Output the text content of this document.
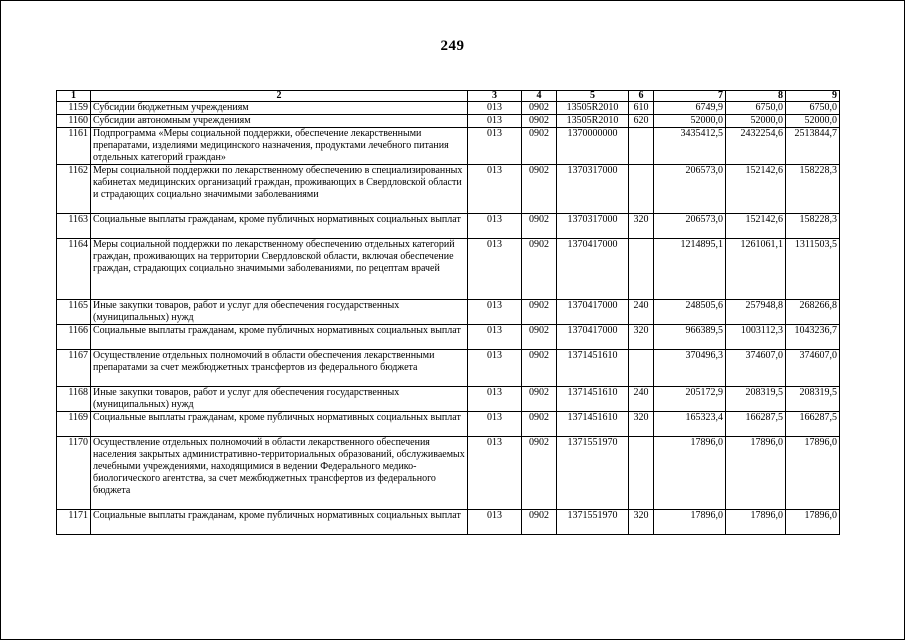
249
1	2	3	4	5	6	7	8	9
1159	Субсидии бюджетным учреждениям	013	0902	13505R2010	610	6749,9	6750,0	6750,0
1160	Субсидии автономным учреждениям	013	0902	13505R2010	620	52000,0	52000,0	52000,0
1161	Подпрограмма «Меры социальной поддержки, обеспечение лекарственными препаратами, изделиями медицинского назначения, продуктами лечебного питания отдельных категорий граждан»	013	0902	1370000000		3435412,5	2432254,6	2513844,7
1162	Меры социальной поддержки по лекарственному обеспечению в специализированных кабинетах медицинских организаций граждан, проживающих в Свердловской области и страдающих социально значимыми заболеваниями	013	0902	1370317000		206573,0	152142,6	158228,3
1163	Социальные выплаты гражданам, кроме публичных нормативных социальных выплат	013	0902	1370317000	320	206573,0	152142,6	158228,3
1164	Меры социальной поддержки по лекарственному обеспечению отдельных категорий граждан, проживающих на территории Свердловской области, включая обеспечение граждан, страдающих социально значимыми заболеваниями, по рецептам врачей	013	0902	1370417000		1214895,1	1261061,1	1311503,5
1165	Иные закупки товаров, работ и услуг для обеспечения государственных (муниципальных) нужд	013	0902	1370417000	240	248505,6	257948,8	268266,8
1166	Социальные выплаты гражданам, кроме публичных нормативных социальных выплат	013	0902	1370417000	320	966389,5	1003112,3	1043236,7
1167	Осуществление отдельных полномочий в области обеспечения лекарственными препаратами за счет межбюджетных трансфертов из федерального бюджета	013	0902	1371451610		370496,3	374607,0	374607,0
1168	Иные закупки товаров, работ и услуг для обеспечения государственных (муниципальных) нужд	013	0902	1371451610	240	205172,9	208319,5	208319,5
1169	Социальные выплаты гражданам, кроме публичных нормативных социальных выплат	013	0902	1371451610	320	165323,4	166287,5	166287,5
1170	Осуществление отдельных полномочий в области лекарственного обеспечения населения закрытых административно-территориальных образований, обслуживаемых лечебными учреждениями, находящимися в ведении Федерального медико-биологического агентства, за счет межбюджетных трансфертов из федерального бюджета	013	0902	1371551970		17896,0	17896,0	17896,0
1171	Социальные выплаты гражданам, кроме публичных нормативных социальных выплат	013	0902	1371551970	320	17896,0	17896,0	17896,0
